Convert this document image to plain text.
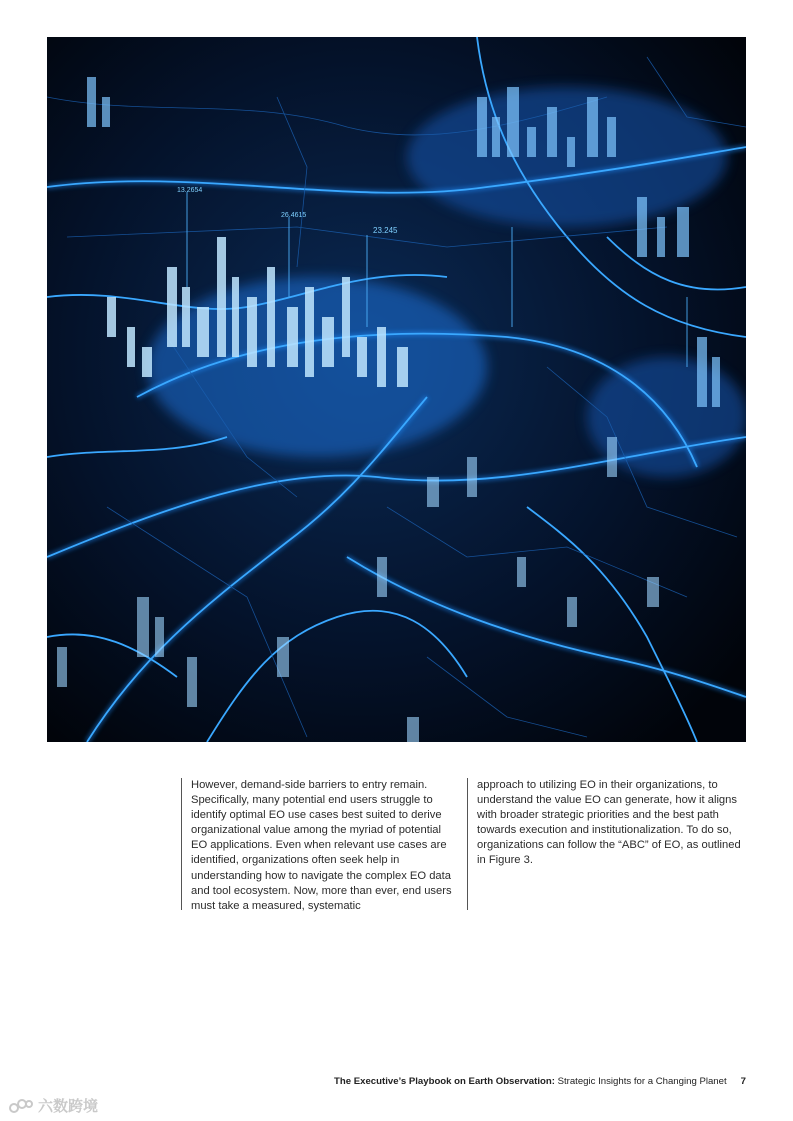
13.2654
26.4615
23.245

However, demand-side barriers to entry remain. Specifically, many potential end users struggle to identify optimal EO use cases best suited to derive organizational value among the myriad of potential EO applications. Even when relevant use cases are identified, organizations often seek help in understanding how to navigate the complex EO data and tool ecosystem. Now, more than ever, end users must take a measured, systematic

approach to utilizing EO in their organizations, to understand the value EO can generate, how it aligns with broader strategic priorities and the best path towards execution and institutionalization. To do so, organizations can follow the “ABC” of EO, as outlined in Figure 3.

The Executive’s Playbook on Earth Observation: Strategic Insights for a Changing Planet 7
六数跨境
